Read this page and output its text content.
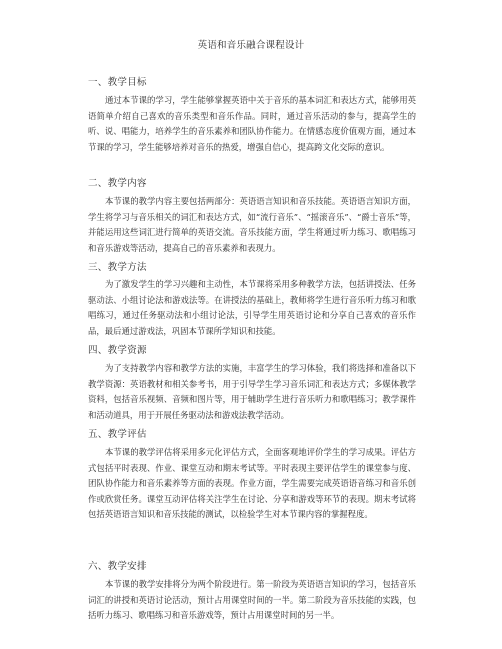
英语和音乐融合课程设计
一、教学目标

通过本节课的学习，学生能够掌握英语中关于音乐的基本词汇和表达方式，能够用英语简单介绍自己喜欢的音乐类型和音乐作品。同时，通过音乐活动的参与，提高学生的听、说、唱能力，培养学生的音乐素养和团队协作能力。在情感态度价值观方面，通过本节课的学习，学生能够培养对音乐的热爱，增强自信心，提高跨文化交际的意识。

二、教学内容

本节课的教学内容主要包括两部分：英语语言知识和音乐技能。英语语言知识方面，学生将学习与音乐相关的词汇和表达方式，如“流行音乐”、“摇滚音乐”、“爵士音乐”等，并能运用这些词汇进行简单的英语交流。音乐技能方面，学生将通过听力练习、歌唱练习和音乐游戏等活动，提高自己的音乐素养和表现力。

三、教学方法

为了激发学生的学习兴趣和主动性，本节课将采用多种教学方法，包括讲授法、任务驱动法、小组讨论法和游戏法等。在讲授法的基础上，教师将学生进行音乐听力练习和歌唱练习，通过任务驱动法和小组讨论法，引导学生用英语讨论和分享自己喜欢的音乐作品，最后通过游戏法，巩固本节课所学知识和技能。

四、教学资源

为了支持教学内容和教学方法的实施，丰富学生的学习体验，我们将选择和准备以下教学资源：英语教材和相关参考书，用于引导学生学习音乐词汇和表达方式；多媒体教学资料，包括音乐视频、音频和图片等，用于辅助学生进行音乐听力和歌唱练习；教学课件和活动道具，用于开展任务驱动法和游戏法教学活动。

五、教学评估

本节课的教学评估将采用多元化评估方式，全面客观地评价学生的学习成果。评估方式包括平时表现、作业、课堂互动和期末考试等。平时表现主要评估学生的课堂参与度、团队协作能力和音乐素养等方面的表现。作业方面，学生需要完成英语语音练习和音乐创作或欣赏任务。课堂互动评估将关注学生在讨论、分享和游戏等环节的表现。期末考试将包括英语语言知识和音乐技能的测试，以检验学生对本节课内容的掌握程度。

六、教学安排

本节课的教学安排将分为两个阶段进行。第一阶段为英语语言知识的学习，包括音乐词汇的讲授和英语讨论活动，预计占用课堂时间的一半。第二阶段为音乐技能的实践，包括听力练习、歌唱练习和音乐游戏等，预计占用课堂时间的另一半。
